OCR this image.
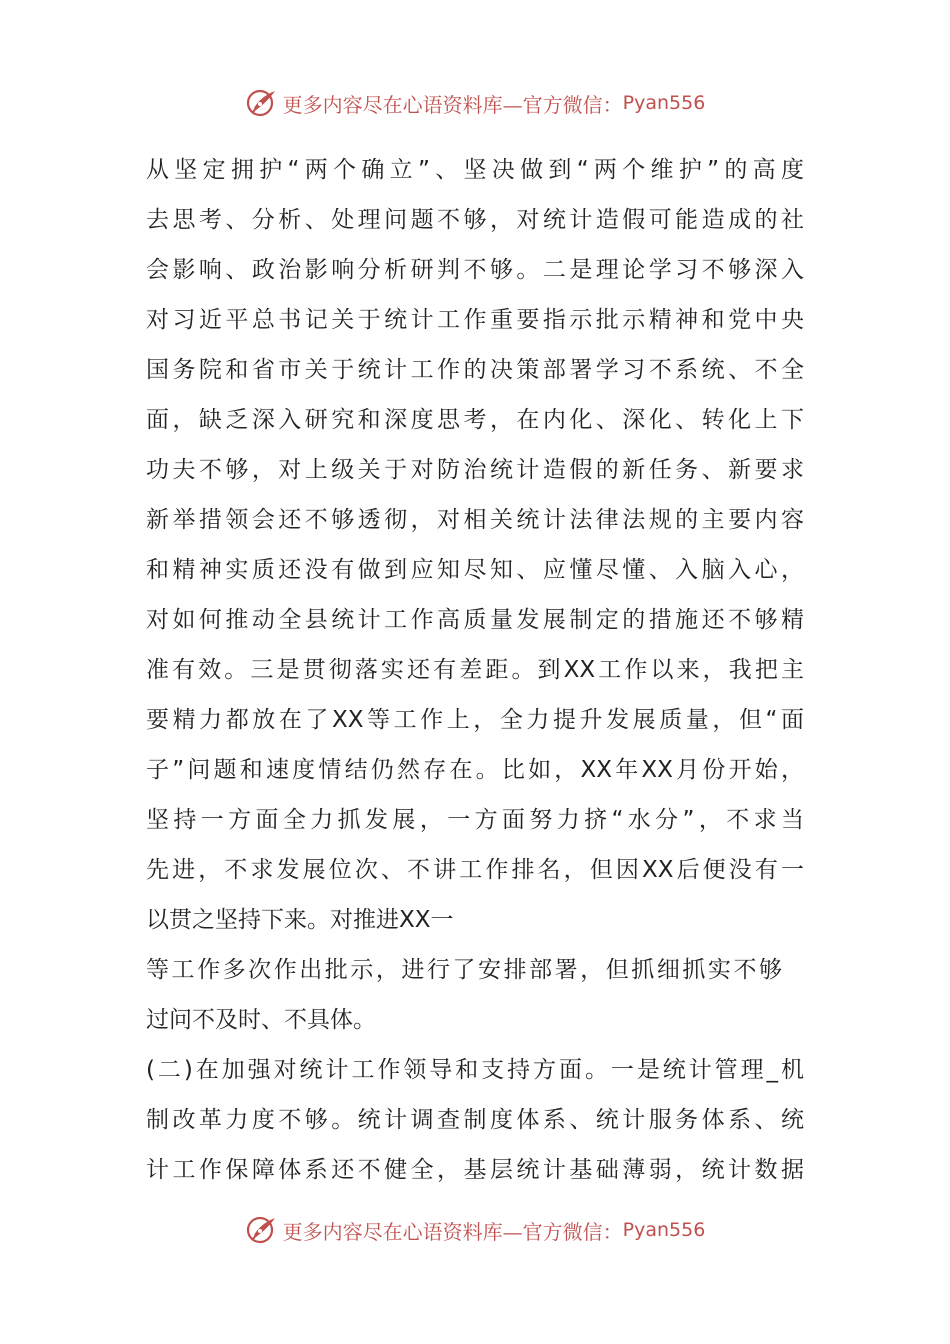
更多内容尽在心语资料库—官方微信： Pyan556
从坚定拥护“两个确立”、坚决做到“两个维护”的高度
去思考、分析、处理问题不够，对统计造假可能造成的社
会影响、政治影响分析研判不够。二是理论学习不够深入
对习近平总书记关于统计工作重要指示批示精神和党中央
国务院和省市关于统计工作的决策部署学习不系统、不全
面，缺乏深入研究和深度思考，在内化、深化、转化上下
功夫不够，对上级关于对防治统计造假的新任务、新要求
新举措领会还不够透彻，对相关统计法律法规的主要内容
和精神实质还没有做到应知尽知、应懂尽懂、入脑入心，
对如何推动全县统计工作高质量发展制定的措施还不够精
准有效。三是贯彻落实还有差距。到XX工作以来，我把主
要精力都放在了XX等工作上，全力提升发展质量，但“面
子”问题和速度情结仍然存在。比如，XX年XX月份开始，
坚持一方面全力抓发展，一方面努力挤“水分”，不求当
先进，不求发展位次、不讲工作排名，但因XX后便没有一
以贯之坚持下来。对推进XX一
等工作多次作出批示，进行了安排部署，但抓细抓实不够
过问不及时、不具体。
(二)在加强对统计工作领导和支持方面。一是统计管理_机
制改革力度不够。统计调查制度体系、统计服务体系、统
计工作保障体系还不健全，基层统计基础薄弱，统计数据
更多内容尽在心语资料库—官方微信： Pyan556
